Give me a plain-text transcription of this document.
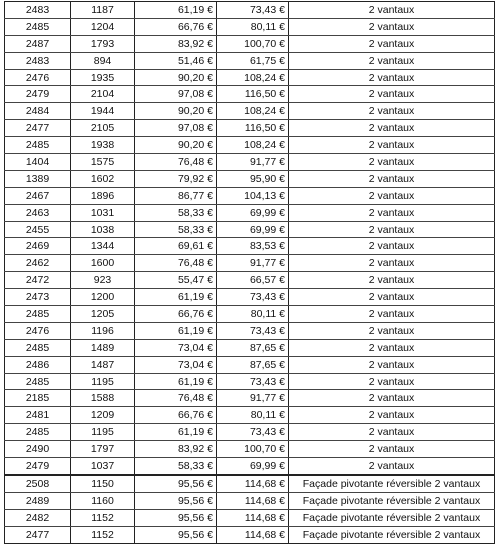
2483	1187	61,19 €	73,43 €	2 vantaux
2485	1204	66,76 €	80,11 €	2 vantaux
2487	1793	83,92 €	100,70 €	2 vantaux
2483	894	51,46 €	61,75 €	2 vantaux
2476	1935	90,20 €	108,24 €	2 vantaux
2479	2104	97,08 €	116,50 €	2 vantaux
2484	1944	90,20 €	108,24 €	2 vantaux
2477	2105	97,08 €	116,50 €	2 vantaux
2485	1938	90,20 €	108,24 €	2 vantaux
1404	1575	76,48 €	91,77 €	2 vantaux
1389	1602	79,92 €	95,90 €	2 vantaux
2467	1896	86,77 €	104,13 €	2 vantaux
2463	1031	58,33 €	69,99 €	2 vantaux
2455	1038	58,33 €	69,99 €	2 vantaux
2469	1344	69,61 €	83,53 €	2 vantaux
2462	1600	76,48 €	91,77 €	2 vantaux
2472	923	55,47 €	66,57 €	2 vantaux
2473	1200	61,19 €	73,43 €	2 vantaux
2485	1205	66,76 €	80,11 €	2 vantaux
2476	1196	61,19 €	73,43 €	2 vantaux
2485	1489	73,04 €	87,65 €	2 vantaux
2486	1487	73,04 €	87,65 €	2 vantaux
2485	1195	61,19 €	73,43 €	2 vantaux
2185	1588	76,48 €	91,77 €	2 vantaux
2481	1209	66,76 €	80,11 €	2 vantaux
2485	1195	61,19 €	73,43 €	2 vantaux
2490	1797	83,92 €	100,70 €	2 vantaux
2479	1037	58,33 €	69,99 €	2 vantaux
2508	1150	95,56 €	114,68 €	Façade pivotante réversible 2 vantaux
2489	1160	95,56 €	114,68 €	Façade pivotante réversible 2 vantaux
2482	1152	95,56 €	114,68 €	Façade pivotante réversible 2 vantaux
2477	1152	95,56 €	114,68 €	Façade pivotante réversible 2 vantaux
